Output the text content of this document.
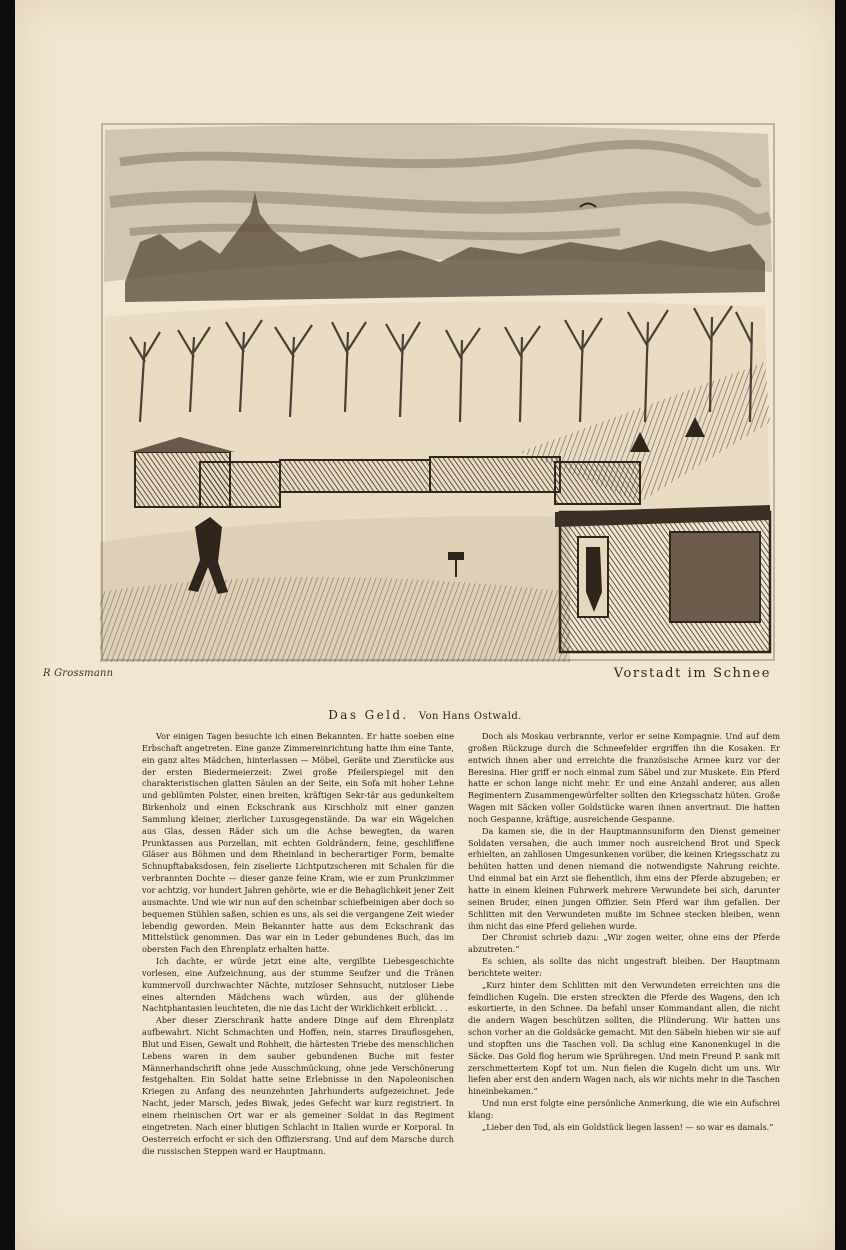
R Grossmann	Vorstadt im Schnee
Das Geld. Von Hans Ostwald.

Vor einigen Tagen besuchte ich einen Bekannten. Er hatte soeben eine Erbschaft angetreten. Eine ganze Zimmereinrichtung hatte ihm eine Tante, ein ganz altes Mädchen, hinterlassen — Möbel, Geräte und Zierstücke aus der ersten Biedermeierzeit: Zwei große Pfeilerspiegel mit den charakteristischen glatten Säulen an der Seite, ein Sofa mit hoher Lehne und geblümten Polster, einen breiten, kräftigen Sekr-tär aus gedunkeltem Birkenholz und einen Eckschrank aus Kirschholz mit einer ganzen Sammlung kleiner, zierlicher Luxusgegenstände. Da war ein Wägelchen aus Glas, dessen Räder sich um die Achse bewegten, da waren Prunktassen aus Porzellan, mit echten Goldrändern, feine, geschliffene Gläser aus Böhmen und dem Rheinland in becherartiger Form, bemalte Schnupftabaksdosen, fein ziselierte Lichtputzscheren mit Schalen für die verbrannten Dochte — dieser ganze feine Kram, wie er zum Prunkzimmer vor achtzig, vor hundert Jahren gehörte, wie er die Behaglichkeit jener Zeit ausmachte. Und wie wir nun auf den scheinbar schiefbeinigen aber doch so bequemen Stühlen saßen, schien es uns, als sei die vergangene Zeit wieder lebendig geworden. Mein Bekannter hatte aus dem Eckschrank das Mittelstück genommen. Das war ein in Leder gebundenes Buch, das im obersten Fach den Ehrenplatz erhalten hatte.

Ich dachte, er würde jetzt eine alte, vergilbte Liebesgeschichte vorlesen, eine Aufzeichnung, aus der stumme Seufzer und die Tränen kummervoll durchwachter Nächte, nutzloser Sehnsucht, nutzloser Liebe eines alternden Mädchens wach würden, aus der glühende Nachtphantasien leuchteten, die nie das Licht der Wirklichkeit erblickt. . .

Aber dieser Zierschrank hatte andere Dinge auf dem Ehrenplatz aufbewahrt. Nicht Schmachten und Hoffen, nein, starres Drauflosgehen, Blut und Eisen, Gewalt und Rohheit, die härtesten Triebe des menschlichen Lebens waren in dem sauber gebundenen Buche mit fester Männerhandschrift ohne jede Ausschmückung, ohne jede Verschönerung festgehalten. Ein Soldat hatte seine Erlebnisse in den Napoleonischen Kriegen zu Anfang des neunzehnten Jahrhunderts aufgezeichnet. Jede Nacht, jeder Marsch, jedes Biwak, jedes Gefecht war kurz registriert. In einem rheinischen Ort war er als gemeiner Soldat in das Regiment eingetreten. Nach einer blutigen Schlacht in Italien wurde er Korporal. In Oesterreich erfocht er sich den Offiziersrang. Und auf dem Marsche durch die russischen Steppen ward er Hauptmann.

Doch als Moskau verbrannte, verlor er seine Kompagnie. Und auf dem großen Rückzuge durch die Schneefelder ergriffen ihn die Kosaken. Er entwich ihnen aber und erreichte die französische Armee kurz vor der Beresina. Hier griff er noch einmal zum Säbel und zur Muskete. Ein Pferd hatte er schon lange nicht mehr. Er und eine Anzahl anderer, aus allen Regimentern Zusammengewürfelter sollten den Kriegsschatz hüten. Große Wagen mit Säcken voller Goldstücke waren ihnen anvertraut. Die hatten noch Gespanne, kräftige, ausreichende Gespanne.

Da kamen sie, die in der Hauptmannsuniform den Dienst gemeiner Soldaten versahen, die auch immer noch ausreichend Brot und Speck erhielten, an zahllosen Umgesunkenen vorüber, die keinen Kriegsschatz zu behüten hatten und denen niemand die notwendigste Nahrung reichte. Und einmal bat ein Arzt sie flehentlich, ihm eins der Pferde abzugeben; er hatte in einem kleinen Fuhrwerk mehrere Verwundete bei sich, darunter seinen Bruder, einen jungen Offizier. Sein Pferd war ihm gefallen. Der Schlitten mit den Verwundeten mußte im Schnee stecken bleiben, wenn ihm nicht das eine Pferd geliehen wurde.

Der Chronist schrieb dazu: „Wir zogen weiter, ohne eins der Pferde abzutreten.“

Es schien, als sollte das nicht ungestraft bleiben. Der Hauptmann berichtete weiter:

„Kurz hinter dem Schlitten mit den Verwundeten erreichten uns die feindlichen Kugeln. Die ersten streckten die Pferde des Wagens, den ich eskortierte, in den Schnee. Da befahl unser Kommandant allen, die nicht die andern Wagen beschützen sollten, die Plünderung. Wir hatten uns schon vorher an die Goldsäcke gemacht. Mit den Säbeln hieben wir sie auf und stopften uns die Taschen voll. Da schlug eine Kanonenkugel in die Säcke. Das Gold flog herum wie Sprühregen. Und mein Freund P. sank mit zerschmettertem Kopf tot um. Nun fielen die Kugeln dicht um uns. Wir liefen aber erst den andern Wagen nach, als wir nichts mehr in die Taschen hineinbekamen.“

Und nun erst folgte eine persönliche Anmerkung, die wie ein Aufschrei klang:

„Lieber den Tod, als ein Goldstück liegen lassen! — so war es damals.“
